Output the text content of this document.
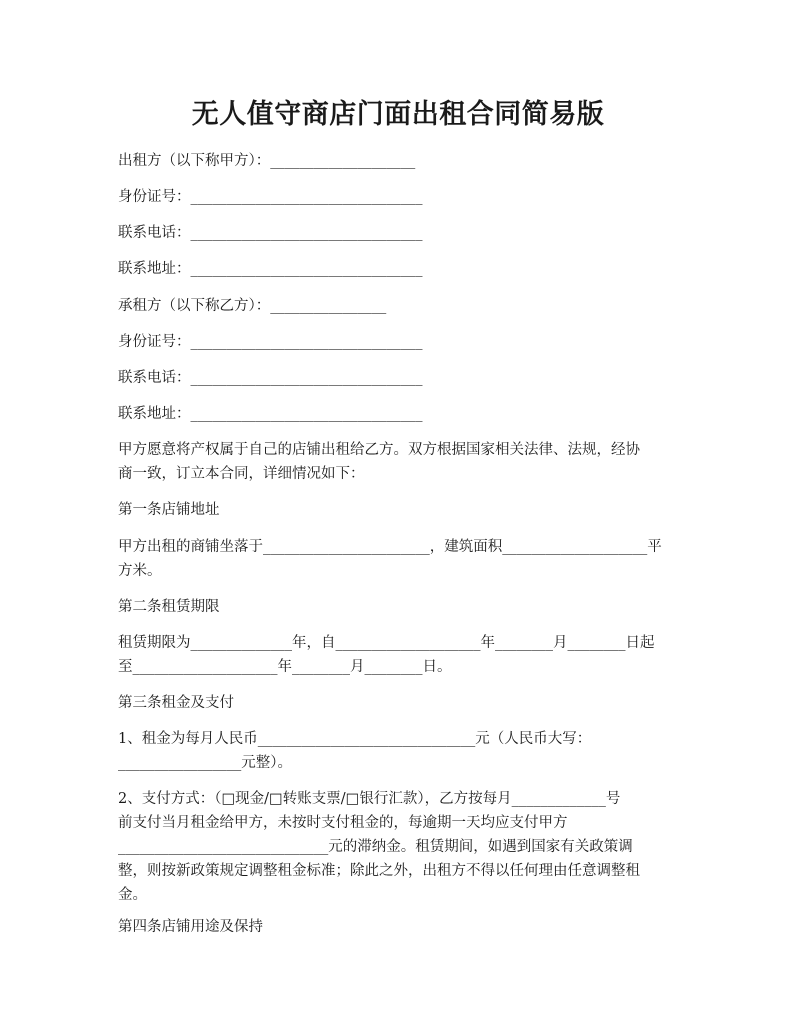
无人值守商店门面出租合同简易版
出租方（以下称甲方）：____________________
身份证号：________________________________
联系电话：________________________________
联系地址：________________________________
承租方（以下称乙方）：________________
身份证号：________________________________
联系电话：________________________________
联系地址：________________________________
甲方愿意将产权属于自己的店铺出租给乙方。双方根据国家相关法律、法规，经协
商一致，订立本合同，详细情况如下：
第一条店铺地址
甲方出租的商铺坐落于_______________________，建筑面积____________________平
方米。
第二条租赁期限
租赁期限为______________年，自____________________年________月________日起
至____________________年________月________日。
第三条租金及支付
1、租金为每月人民币______________________________元（人民币大写：
_________________元整）。
2、支付方式：（□现金/□转账支票/□银行汇款），乙方按每月_____________号
前支付当月租金给甲方，未按时支付租金的，每逾期一天均应支付甲方
_____________________________元的滞纳金。租赁期间，如遇到国家有关政策调
整，则按新政策规定调整租金标准；除此之外，出租方不得以任何理由任意调整租
金。
第四条店铺用途及保持
